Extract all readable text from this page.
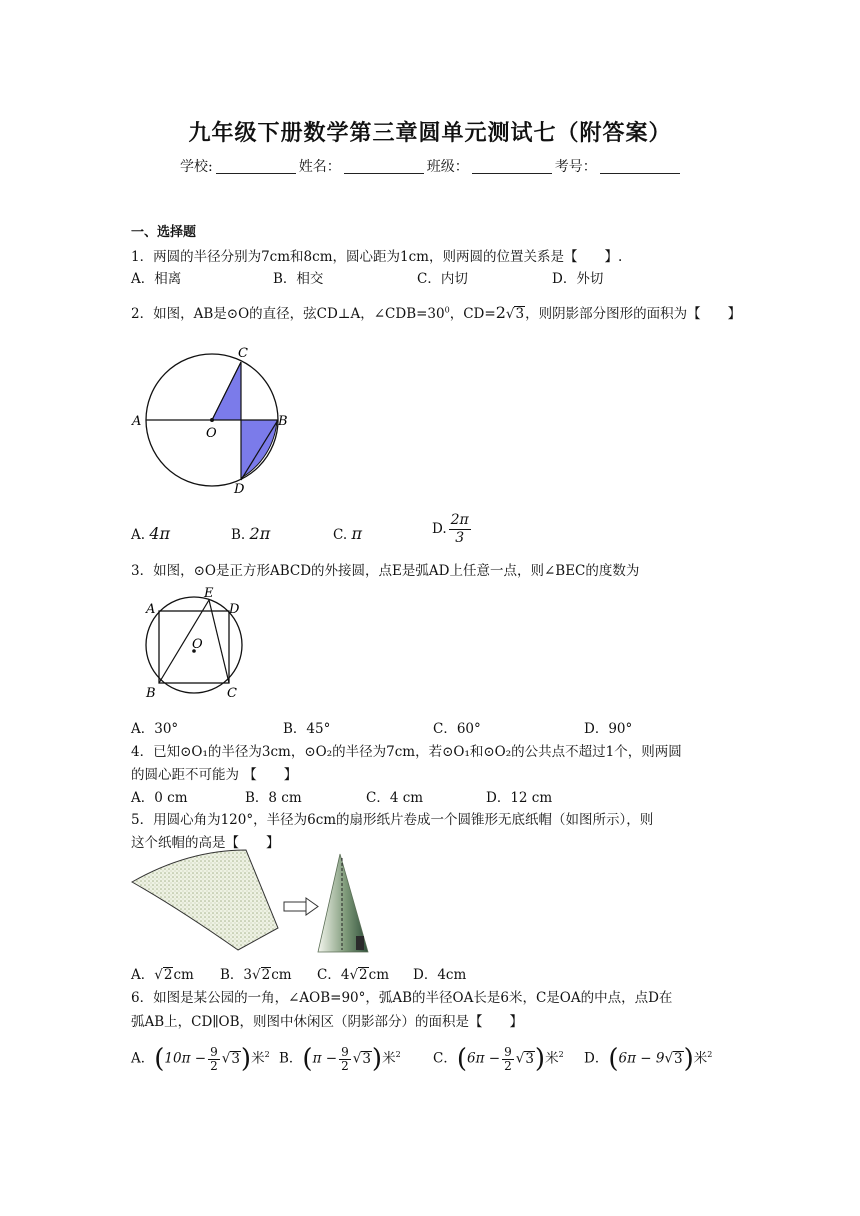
九年级下册数学第三章圆单元测试七（附答案）
学校:	姓名：	班级：	考号：
一、选择题
1．两圆的半径分别为7cm和8cm，圆心距为1cm，则两圆的位置关系是【　　】.
A．相离	B．相交	C．内切	D．外切
2．如图，AB是⊙O的直径，弦CD⊥A，$\angle CDB=30^0$，CD=2√3，则阴影部分图形的面积为【　　】
A	B
C
D
O
A. 4π	B. 2π	C. π	D. $\frac{2\pi}{3}$
3．如图，⊙O是正方形ABCD的外接圆，点E是弧AD上任意一点，则∠BEC的度数为
A
B	C
D
E
O
A．30°	B．45°	C．60°	D．90°
4．已知⊙O₁的半径为3cm，⊙O₂的半径为7cm，若⊙O₁和⊙O₂的公共点不超过1个，则两圆
的圆心距不可能为 【　　】
A．0 cm	B．8 cm	C．4 cm	D．12 cm
5．用圆心角为120°，半径为6cm的扇形纸片卷成一个圆锥形无底纸帽（如图所示），则
这个纸帽的高是【　　】
A．√2cm B．3√2cm C．4√2cm D．4cm
6．如图是某公园的一角，∠AOB=90°，弧AB的半径OA长是6米，C是OA的中点，点D在
弧AB上，CD∥OB，则图中休闲区（阴影部分）的面积是【　　】
A．$(10\pi - \frac{9}{2} √3)$米$^2$ B．$(\pi - \frac{9}{2} √3)$米$^2$ C．$(6\pi - \frac{9}{2} √3)$米$^2$ D．(6π − 9√3)米$^2$
